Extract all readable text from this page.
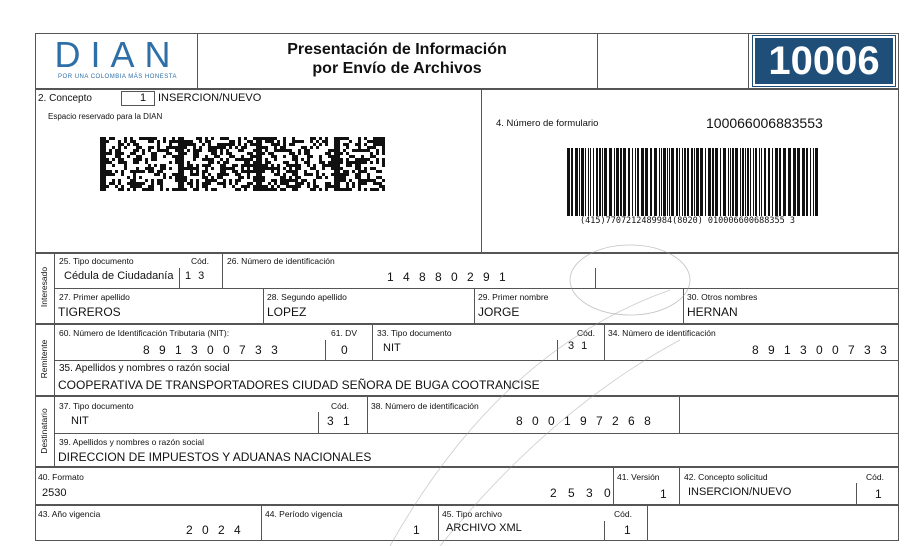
DIAN
POR UNA COLOMBIA MÁS HONESTA
Presentación de Información
por Envío de Archivos	10006
2. Concepto	1 INSERCION/NUEVO
Espacio reservado para la DIAN
4. Número de formulario	100066006883553
(415)7707212489984(8020) 010006600688355 3
Interesado
25. Tipo documento	Cód.
Cédula de Ciudadanía 1 3
26. Número de identificación
1 4 8 8 0 2 9 1
27. Primer apellido
TIGREROS
28. Segundo apellido
LOPEZ
29. Primer nombre
JORGE
30. Otros nombres
HERNAN
Remitente
60. Número de Identificación Tributaria (NIT):
8 9 1 3 0 0 7 3 3
61. DV
0
33. Tipo documento	Cód.
NIT	3 1
34. Número de identificación
8 9 1 3 0 0 7 3 3
35. Apellidos y nombres o razón social
COOPERATIVA DE TRANSPORTADORES CIUDAD SEÑORA DE BUGA COOTRANCISE
Destinatario
37. Tipo documento	Cód.
NIT	3 1
38. Número de identificación
8 0 0 1 9 7 2 6 8
39. Apellidos y nombres o razón social
DIRECCION DE IMPUESTOS Y ADUANAS NACIONALES
40. Formato
2530	2 5 3 0
41. Versión
1
42. Concepto solicitud	Cód.
INSERCION/NUEVO	1
43. Año vigencia
2 0 2 4
44. Período vigencia
1
45. Tipo archivo	Cód.
ARCHIVO XML	1
